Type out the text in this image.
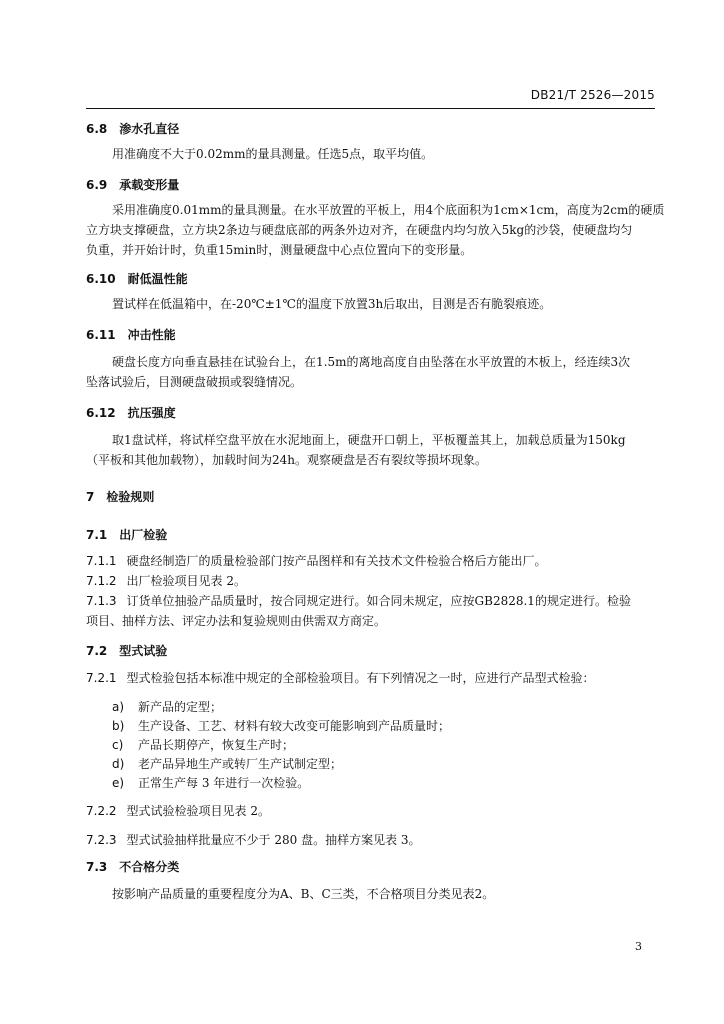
DB21/T 2526—2015
6.8 渗水孔直径
用准确度不大于0.02mm的量具测量。任选5点，取平均值。
6.9 承载变形量
采用准确度0.01mm的量具测量。在水平放置的平板上，用4个底面积为1cm×1cm，高度为2cm的硬质
立方块支撑硬盘，立方块2条边与硬盘底部的两条外边对齐，在硬盘内均匀放入5kg的沙袋，使硬盘均匀
负重，并开始计时，负重15min时，测量硬盘中心点位置向下的变形量。
6.10 耐低温性能
置试样在低温箱中，在-20℃±1℃的温度下放置3h后取出，目测是否有脆裂痕迹。
6.11 冲击性能
硬盘长度方向垂直悬挂在试验台上，在1.5m的离地高度自由坠落在水平放置的木板上，经连续3次
坠落试验后，目测硬盘破损或裂缝情况。
6.12 抗压强度
取1盘试样，将试样空盘平放在水泥地面上，硬盘开口朝上，平板覆盖其上，加载总质量为150kg
（平板和其他加载物），加载时间为24h。观察硬盘是否有裂纹等损坏现象。
7 检验规则
7.1 出厂检验
7.1.1 硬盘经制造厂的质量检验部门按产品图样和有关技术文件检验合格后方能出厂。
7.1.2 出厂检验项目见表 2。
7.1.3 订货单位抽验产品质量时，按合同规定进行。如合同未规定，应按GB2828.1的规定进行。检验
项目、抽样方法、评定办法和复验规则由供需双方商定。
7.2 型式试验
7.2.1 型式检验包括本标准中规定的全部检验项目。有下列情况之一时，应进行产品型式检验：
a) 新产品的定型；
b) 生产设备、工艺、材料有较大改变可能影响到产品质量时；
c) 产品长期停产，恢复生产时；
d) 老产品异地生产或转厂生产试制定型；
e) 正常生产每 3 年进行一次检验。
7.2.2 型式试验检验项目见表 2。
7.2.3 型式试验抽样批量应不少于 280 盘。抽样方案见表 3。
7.3 不合格分类
按影响产品质量的重要程度分为A、B、C三类，不合格项目分类见表2。
3
